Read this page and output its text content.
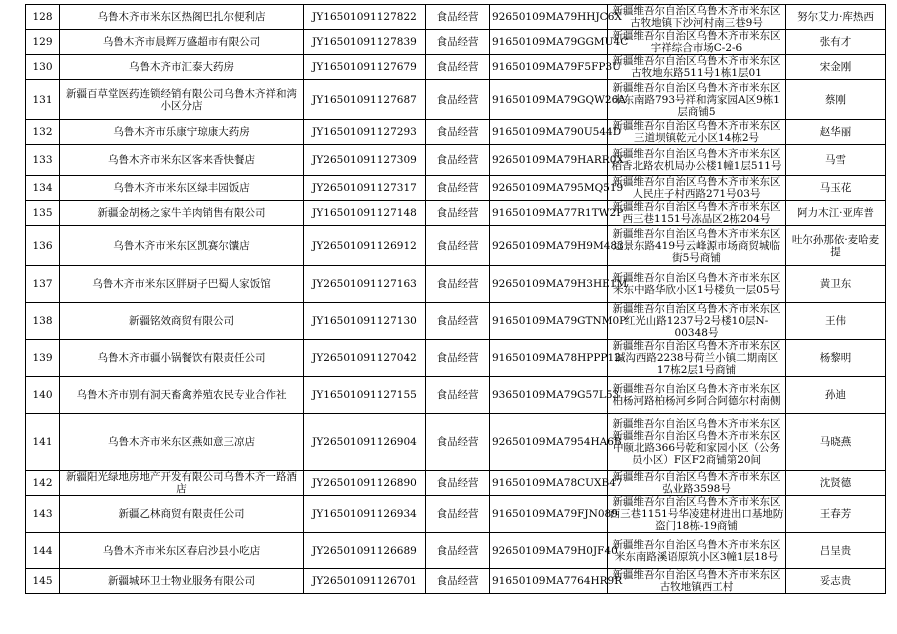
128	乌鲁木齐市米东区热阁巴扎尔便利店	JY16501091127822	食品经营	92650109MA79HHJC6X	新疆维吾尔自治区乌鲁木齐市米东区古牧地镇下沙河村南三巷9号	努尔艾力·库热西
129	乌鲁木齐市晨辉万盛超市有限公司	JY16501091127839	食品经营	91650109MA79GGMU4C	新疆维吾尔自治区乌鲁木齐市米东区宇祥综合市场C-2-6	张有才
130	乌鲁木齐市汇泰大药房	JY16501091127679	食品经营	91650109MA79F5FP3U	新疆维吾尔自治区乌鲁木齐市米东区古牧地东路511号1栋1层01	宋金刚
131	新疆百草堂医药连锁经销有限公司乌鲁木齐祥和湾小区分店	JY16501091127687	食品经营	91650109MA79GQW26A	新疆维吾尔自治区乌鲁木齐市米东区米东南路793号祥和湾家园A区9栋1层商铺5	蔡刚
132	乌鲁木齐市乐康宁琼康大药房	JY16501091127293	食品经营	91650109MA790U544D	新疆维吾尔自治区乌鲁木齐市米东区三道坝镇乾元小区14栋2号	赵华丽
133	乌鲁木齐市米东区客来香快餐店	JY26501091127309	食品经营	92650109MA79HARR0X	新疆维吾尔自治区乌鲁木齐市米东区稻香北路农机局办公楼1幢1层511号	马雪
134	乌鲁木齐市米东区绿丰园饭店	JY26501091127317	食品经营	92650109MA795MQ519	新疆维吾尔自治区乌鲁木齐市米东区人民庄子村西路271号03号	马玉花
135	新疆金胡杨之家牛羊肉销售有限公司	JY16501091127148	食品经营	91650109MA77R1TW2P	新疆维吾尔自治区乌鲁木齐市米东区西三巷1151号冻品区2栋204号	阿力木江·亚库普
136	乌鲁木齐市米东区凯赛尔馕店	JY26501091126912	食品经营	92650109MA79H9M483	新疆维吾尔自治区乌鲁木齐市米东区远景东路419号云峰源市场商贸城临街5号商铺	吐尔孙那依·麦哈麦提
137	乌鲁木齐市米东区胖厨子巴蜀人家饭馆	JY26501091127163	食品经营	92650109MA79H3HE1M	新疆维吾尔自治区乌鲁木齐市米东区米东中路华欣小区1号楼负一层05号	黄卫东
138	新疆铭效商贸有限公司	JY16501091127130	食品经营	91650109MA79GTNM0P	新疆维吾尔自治区乌鲁木齐市米东区红光山路1237号2号楼10层N-00348号	王伟
139	乌鲁木齐市疆小锅餐饮有限责任公司	JY26501091127042	食品经营	91650109MA78HPPP12	新疆维吾尔自治区乌鲁木齐市米东区碱沟西路2238号荷兰小镇二期南区17栋2层1号商铺	杨黎明
140	乌鲁木齐市别有洞天畜禽养殖农民专业合作社	JY16501091127155	食品经营	93650109MA79G57L53	新疆维吾尔自治区乌鲁木齐市米东区柏杨河路柏杨河乡阿合阿德尔村南侧	孙迪
141	乌鲁木齐市米东区燕如意三凉店	JY26501091126904	食品经营	92650109MA7954HA6B	新疆维吾尔自治区乌鲁木齐市米东区新疆维吾尔自治区乌鲁木齐市米东区中颐北路366号乾和家园小区（公务员小区）F区F2商铺第20间	马晓燕
142	新疆阳光绿地房地产开发有限公司乌鲁木齐一路酒店	JY26501091126890	食品经营	91650109MA78CUXB47	新疆维吾尔自治区乌鲁木齐市米东区弘业路3598号	沈贤德
143	新疆乙林商贸有限责任公司	JY16501091126934	食品经营	91650109MA79FJN089	新疆维吾尔自治区乌鲁木齐市米东区西三巷1151号华凌建材进出口基地防盗门18栋-19商铺	王春芳
144	乌鲁木齐市米东区春启沙县小吃店	JY26501091126689	食品经营	92650109MA79H0JF40	新疆维吾尔自治区乌鲁木齐市米东区米东南路溪语原筑小区3幢1层18号	吕呈贵
145	新疆城环卫士物业服务有限公司	JY26501091126701	食品经营	91650109MA7764HR9R	新疆维吾尔自治区乌鲁木齐市米东区古牧地镇西工村	妥志贵
